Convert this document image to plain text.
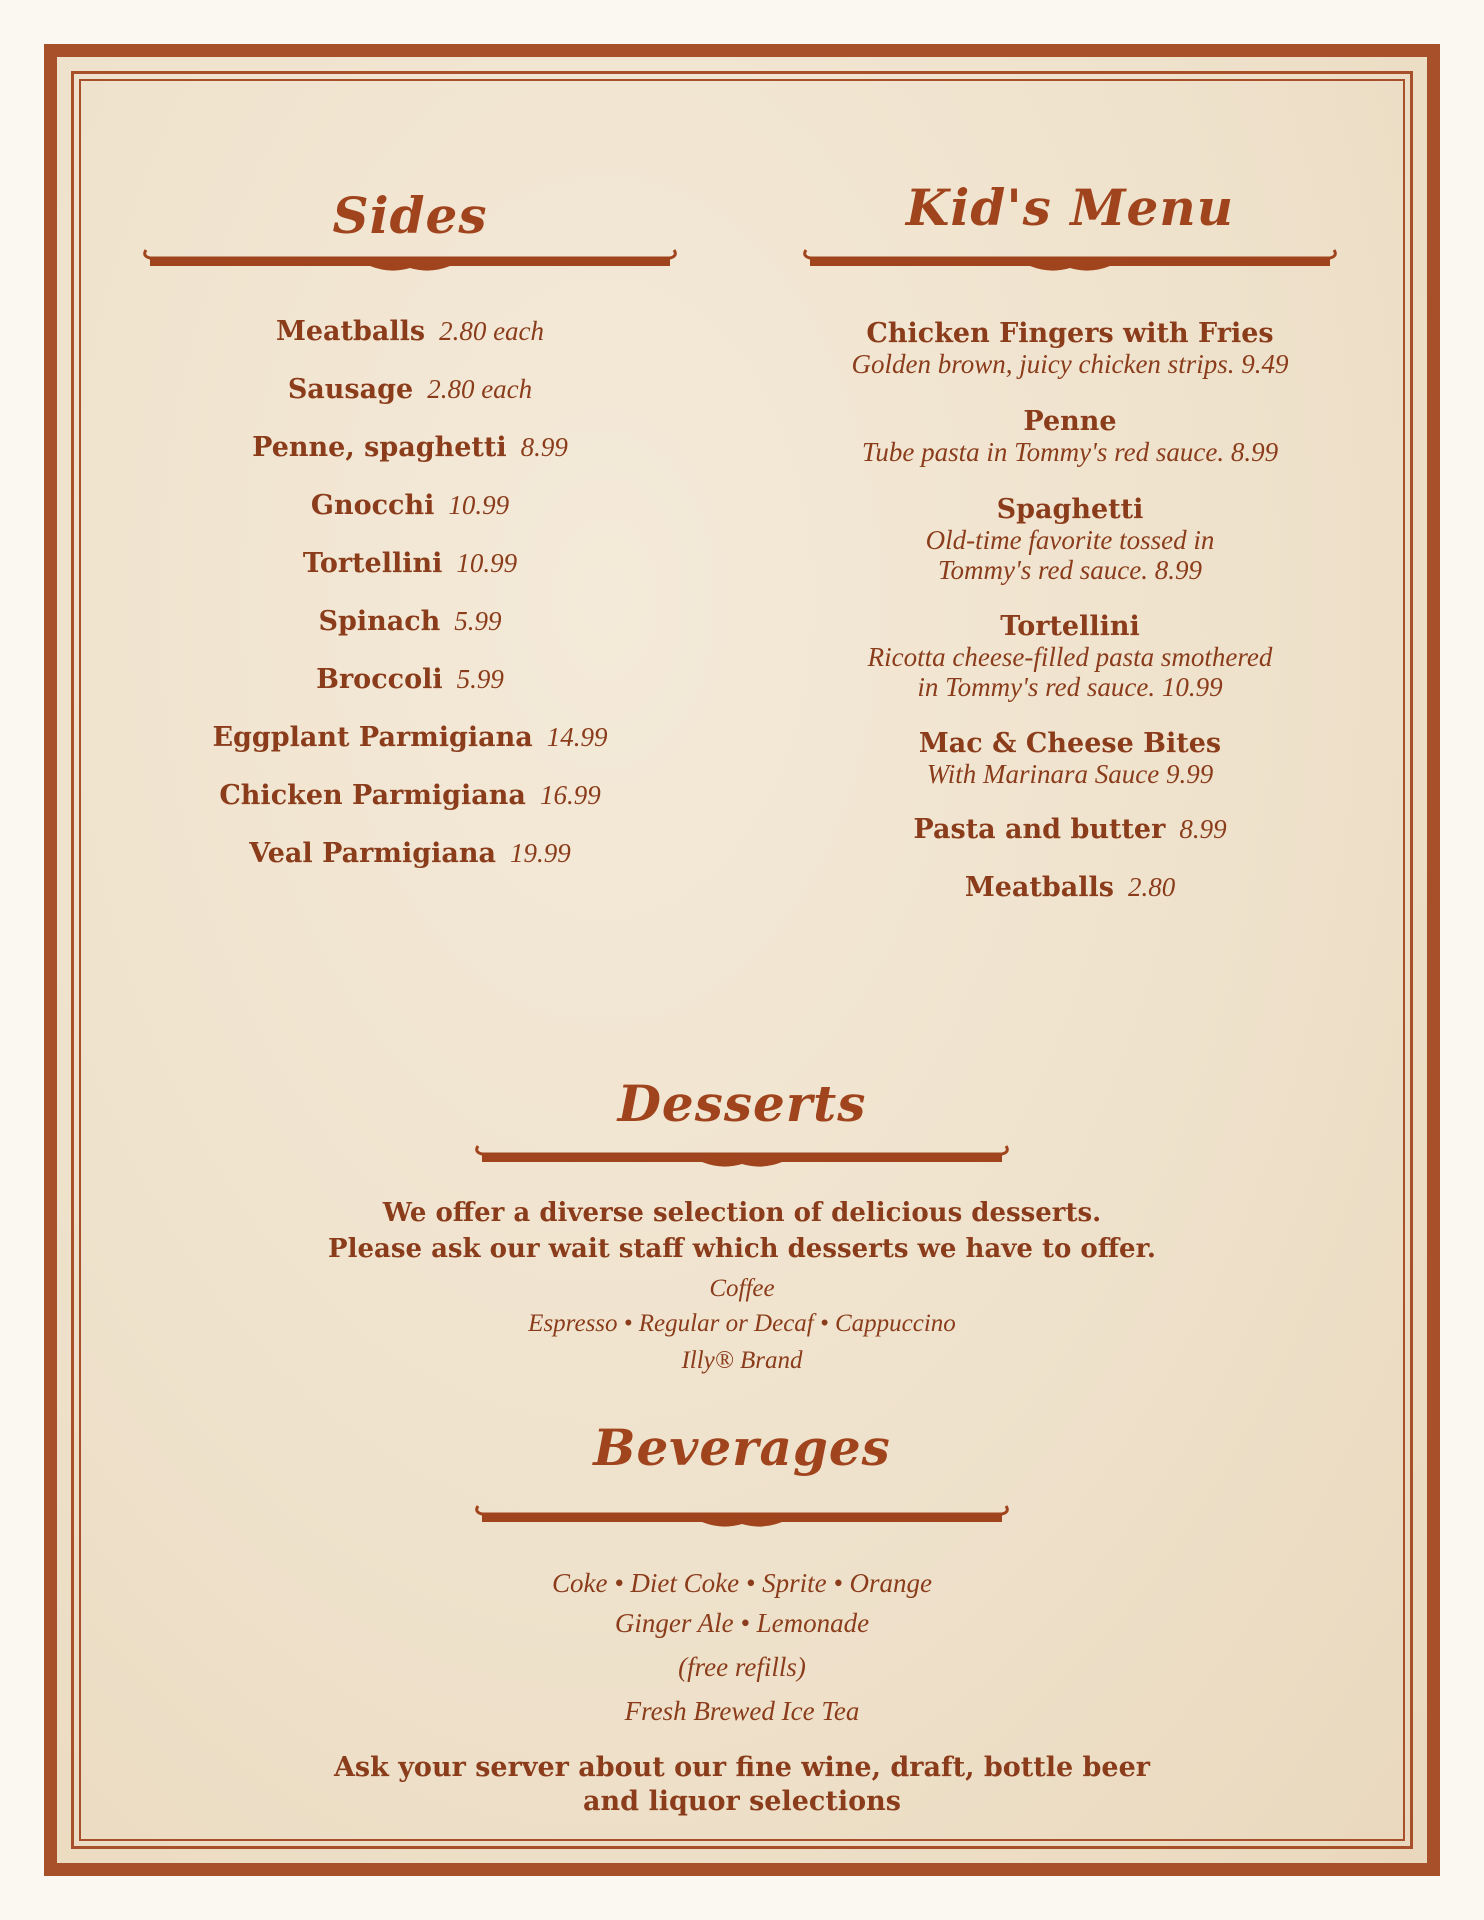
Sides
Meatballs 2.80 each
Sausage 2.80 each
Penne, spaghetti 8.99
Gnocchi 10.99
Tortellini 10.99
Spinach 5.99
Broccoli 5.99
Eggplant Parmigiana 14.99
Chicken Parmigiana 16.99
Veal Parmigiana 19.99
Kid's Menu
Chicken Fingers with Fries
Golden brown, juicy chicken strips. 9.49
Penne
Tube pasta in Tommy's red sauce. 8.99
Spaghetti
Old-time favorite tossed in
Tommy's red sauce. 8.99
Tortellini
Ricotta cheese-filled pasta smothered
in Tommy's red sauce. 10.99
Mac & Cheese Bites
With Marinara Sauce 9.99
Pasta and butter 8.99
Meatballs 2.80
Desserts
We offer a diverse selection of delicious desserts.
Please ask our wait staff which desserts we have to offer.
Coffee
Espresso • Regular or Decaf • Cappuccino
Illy® Brand
Beverages
Coke • Diet Coke • Sprite • Orange
Ginger Ale • Lemonade
(free refills)
Fresh Brewed Ice Tea
Ask your server about our fine wine, draft, bottle beer
and liquor selections
